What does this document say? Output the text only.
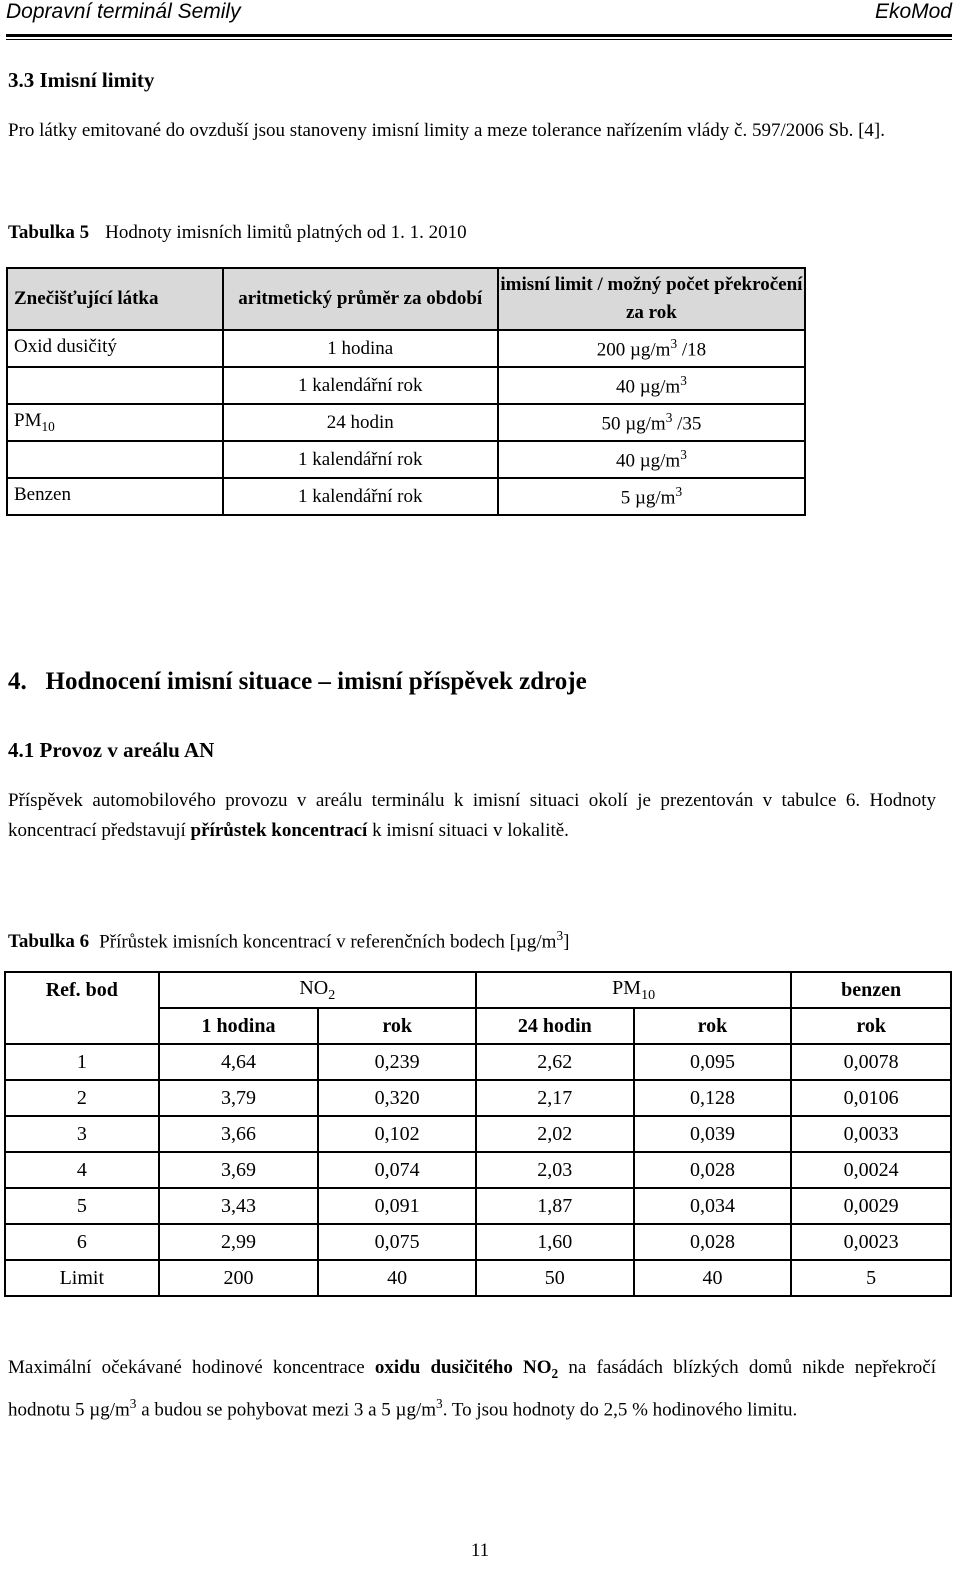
Dopravní terminál Semily	EkoMod
3.3 Imisní limity
Pro látky emitované do ovzduší jsou stanoveny imisní limity a meze tolerance nařízením vlády č. 597/2006 Sb. [4].
Tabulka 5 Hodnoty imisních limitů platných od 1. 1. 2010
Znečišťující látka	aritmetický průměr za období	imisní limit / možný počet překročení za rok
Oxid dusičitý	1 hodina	200 $\mu g/m^3$ /18
	1 kalendářní rok	40 $\mu g/m^3$
$PM_{10}$	24 hodin	50 $\mu g/m^3$ /35
	1 kalendářní rok	40 $\mu g/m^3$
Benzen	1 kalendářní rok	5 $\mu g/m^3$
4.   Hodnocení imisní situace – imisní příspěvek zdroje
4.1 Provoz v areálu AN
Příspěvek automobilového provozu v areálu terminálu k imisní situaci okolí je prezentován v tabulce 6. Hodnoty koncentrací představují přírůstek koncentrací k imisní situaci v lokalitě.
Tabulka 6 Přírůstek imisních koncentrací v referenčních bodech $[\mu g/m^3]$
Ref. bod	$NO_2$		$PM_{10}$		benzen
	1 hodina	rok	24 hodin	rok	rok
1	4,64	0,239	2,62	0,095	0,0078
2	3,79	0,320	2,17	0,128	0,0106
3	3,66	0,102	2,02	0,039	0,0033
4	3,69	0,074	2,03	0,028	0,0024
5	3,43	0,091	1,87	0,034	0,0029
6	2,99	0,075	1,60	0,028	0,0023
Limit	200	40	50	40	5
Maximální očekávané hodinové koncentrace oxidu dusičitého $NO_2$ na fasádách blízkých domů nikde nepřekročí hodnotu 5 $\mu g/m^3$ a budou se pohybovat mezi 3 a 5 $\mu g/m^3$. To jsou hodnoty do 2,5 % hodinového limitu.
11
